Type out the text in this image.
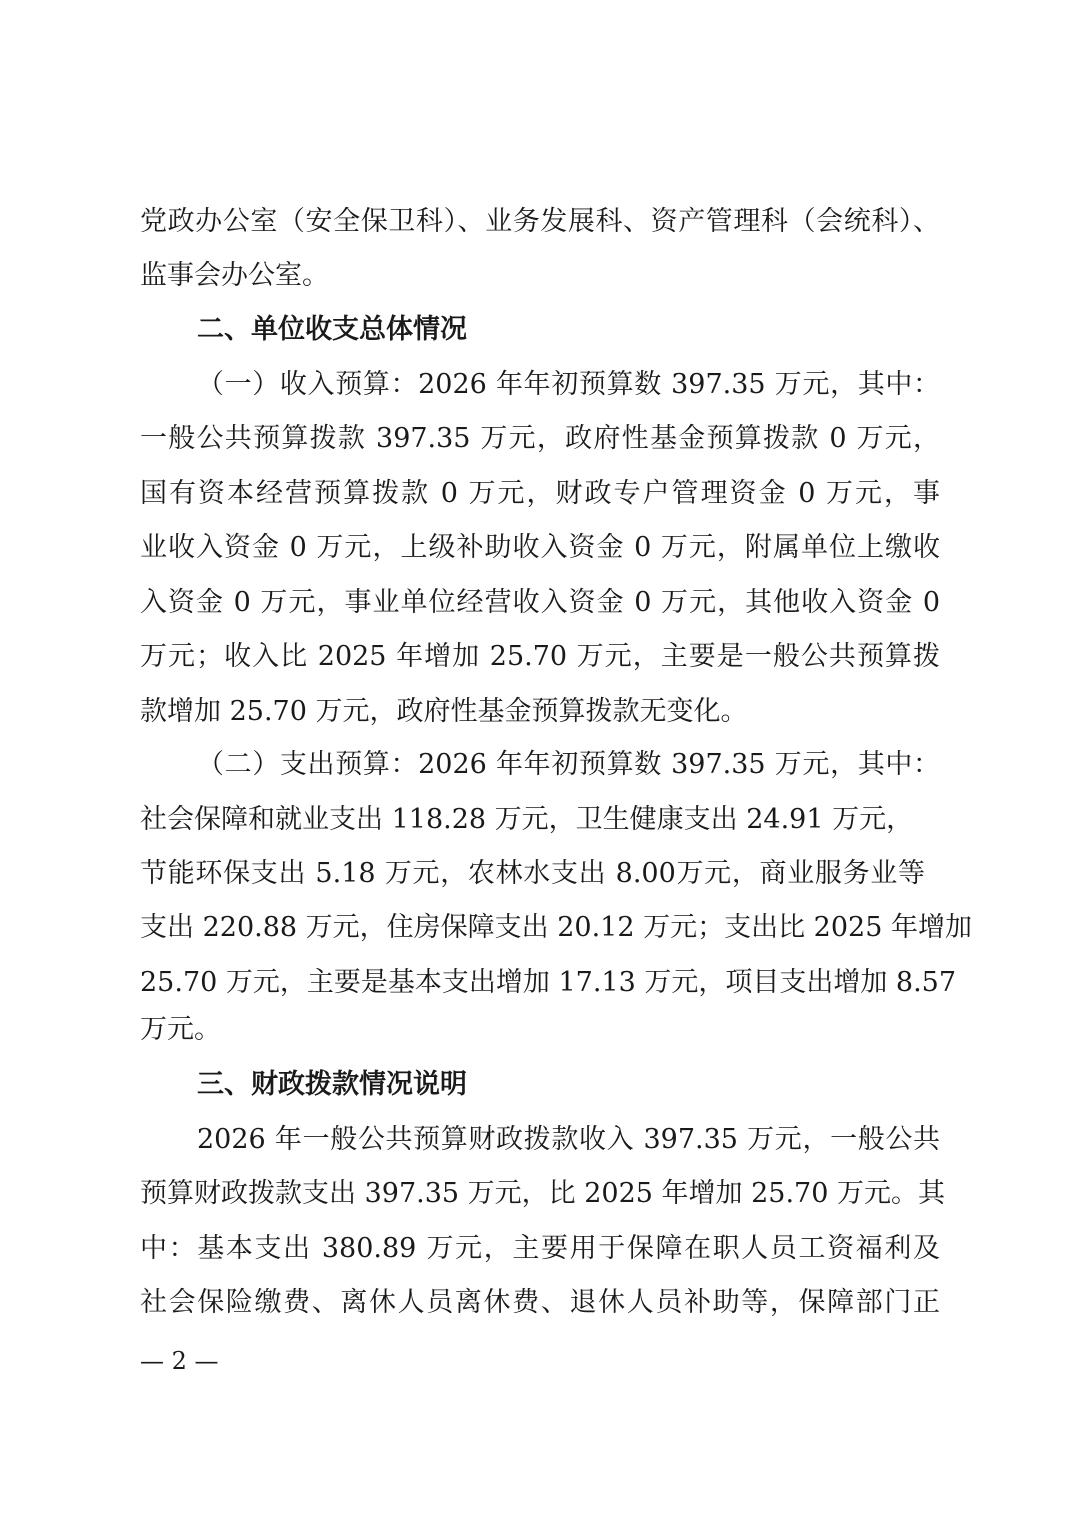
党政办公室（安全保卫科）、业务发展科、资产管理科（会统科）、
监事会办公室。
二、单位收支总体情况
（一）收入预算：2026 年年初预算数 397.35 万元，其中：
一般公共预算拨款 397.35 万元，政府性基金预算拨款 0 万元，
国有资本经营预算拨款 0 万元，财政专户管理资金 0 万元，事
业收入资金 0 万元，上级补助收入资金 0 万元，附属单位上缴收
入资金 0 万元，事业单位经营收入资金 0 万元，其他收入资金 0
万元；收入比 2025 年增加 25.70 万元，主要是一般公共预算拨
款增加 25.70 万元，政府性基金预算拨款无变化。
（二）支出预算：2026 年年初预算数 397.35 万元，其中：
社会保障和就业支出 118.28 万元，卫生健康支出 24.91 万元，
节能环保支出 5.18 万元，农林水支出 8.00万元，商业服务业等
支出 220.88 万元，住房保障支出 20.12 万元；支出比 2025 年增加
25.70 万元，主要是基本支出增加 17.13 万元，项目支出增加 8.57
万元。
三、财政拨款情况说明
2026 年一般公共预算财政拨款收入 397.35 万元，一般公共
预算财政拨款支出 397.35 万元，比 2025 年增加 25.70 万元。其
中：基本支出 380.89 万元，主要用于保障在职人员工资福利及
社会保险缴费、离休人员离休费、退休人员补助等，保障部门正
— 2 —
